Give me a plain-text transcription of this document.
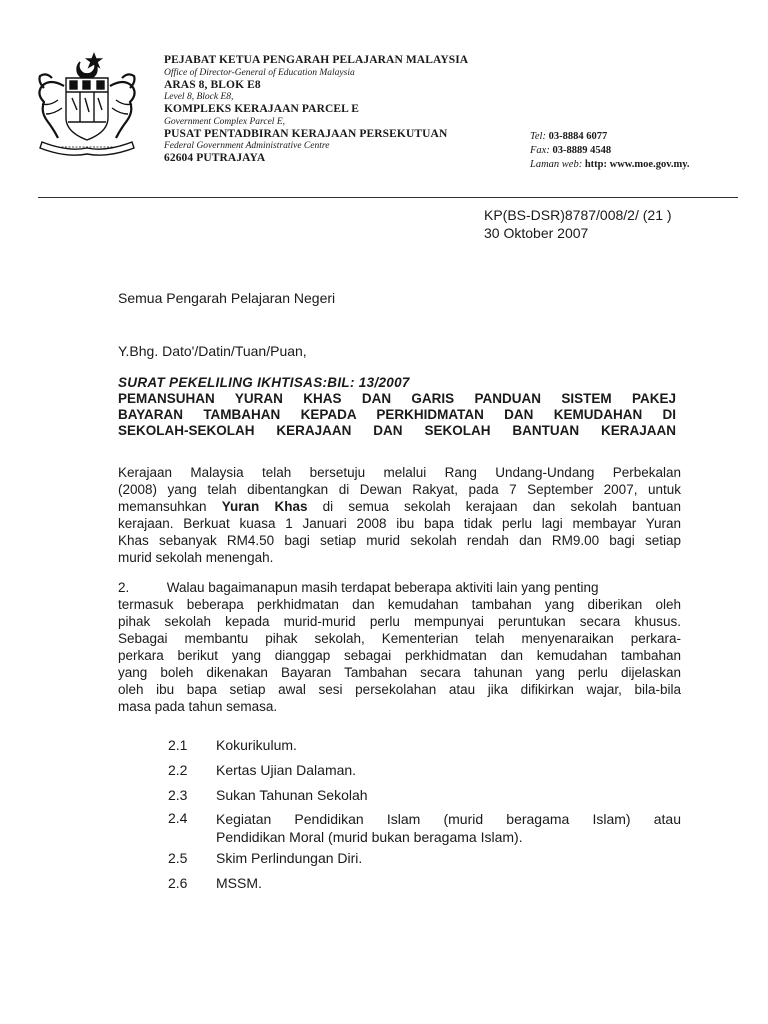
PEJABAT KETUA PENGARAH PELAJARAN MALAYSIA
Office of Director-General of Education Malaysia
ARAS 8, BLOK E8
Level 8, Block E8,
KOMPLEKS KERAJAAN PARCEL E
Government Complex Parcel E,
PUSAT PENTADBIRAN KERAJAAN PERSEKUTUAN
Federal Government Administrative Centre
62604 PUTRAJAYA
Tel: 03-8884 6077
Fax: 03-8889 4548
Laman web: http: www.moe.gov.my.
KP(BS-DSR)8787/008/2/ (21 )
30 Oktober 2007
Semua Pengarah Pelajaran Negeri
Y.Bhg. Dato'/Datin/Tuan/Puan,
SURAT PEKELILING IKHTISAS:BIL: 13/2007
PEMANSUHAN YURAN KHAS DAN GARIS PANDUAN SISTEM PAKEJ
BAYARAN TAMBAHAN KEPADA PERKHIDMATAN DAN KEMUDAHAN DI
SEKOLAH-SEKOLAH KERAJAAN DAN SEKOLAH BANTUAN KERAJAAN
Kerajaan Malaysia telah bersetuju melalui Rang Undang-Undang Perbekalan
(2008) yang telah dibentangkan di Dewan Rakyat, pada 7 September 2007, untuk
memansuhkan Yuran Khas di semua sekolah kerajaan dan sekolah bantuan
kerajaan. Berkuat kuasa 1 Januari 2008 ibu bapa tidak perlu lagi membayar Yuran
Khas sebanyak RM4.50 bagi setiap murid sekolah rendah dan RM9.00 bagi setiap
murid sekolah menengah.
2.          Walau bagaimanapun masih terdapat beberapa aktiviti lain yang penting
termasuk beberapa perkhidmatan dan kemudahan tambahan yang diberikan oleh
pihak sekolah kepada murid-murid perlu mempunyai peruntukan secara khusus.
Sebagai membantu pihak sekolah, Kementerian telah menyenaraikan perkara-
perkara berikut yang dianggap sebagai perkhidmatan dan kemudahan tambahan
yang boleh dikenakan Bayaran Tambahan secara tahunan yang perlu dijelaskan
oleh ibu bapa setiap awal sesi persekolahan atau jika difikirkan wajar, bila-bila
masa pada tahun semasa.
2.1	Kokurikulum.
2.2	Kertas Ujian Dalaman.
2.3	Sukan Tahunan Sekolah
2.4	Kegiatan Pendidikan Islam (murid beragama Islam) atau
Pendidikan Moral (murid bukan beragama Islam).
2.5	Skim Perlindungan Diri.
2.6	MSSM.
